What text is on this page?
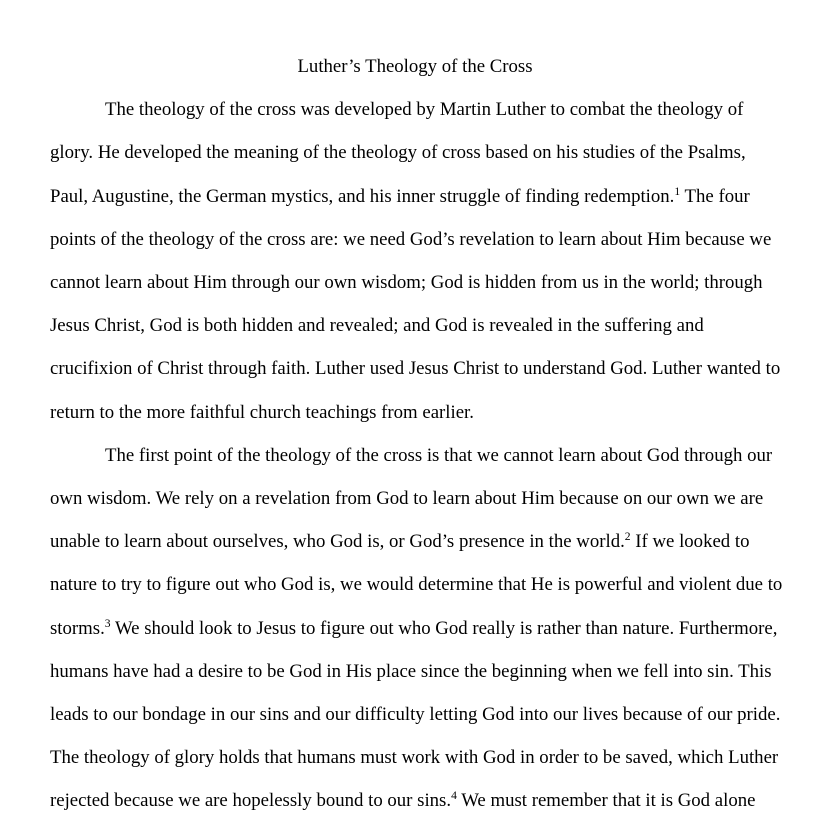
Luther’s Theology of the Cross
The theology of the cross was developed by Martin Luther to combat the theology of
glory. He developed the meaning of the theology of cross based on his studies of the Psalms,
Paul, Augustine, the German mystics, and his inner struggle of finding redemption.$^1$ The four
points of the theology of the cross are: we need God’s revelation to learn about Him because we
cannot learn about Him through our own wisdom; God is hidden from us in the world; through
Jesus Christ, God is both hidden and revealed; and God is revealed in the suffering and
crucifixion of Christ through faith. Luther used Jesus Christ to understand God. Luther wanted to
return to the more faithful church teachings from earlier.
The first point of the theology of the cross is that we cannot learn about God through our
own wisdom. We rely on a revelation from God to learn about Him because on our own we are
unable to learn about ourselves, who God is, or God’s presence in the world.$^2$ If we looked to
nature to try to figure out who God is, we would determine that He is powerful and violent due to
storms.$^3$ We should look to Jesus to figure out who God really is rather than nature. Furthermore,
humans have had a desire to be God in His place since the beginning when we fell into sin. This
leads to our bondage in our sins and our difficulty letting God into our lives because of our pride.
The theology of glory holds that humans must work with God in order to be saved, which Luther
rejected because we are hopelessly bound to our sins.$^4$ We must remember that it is God alone
